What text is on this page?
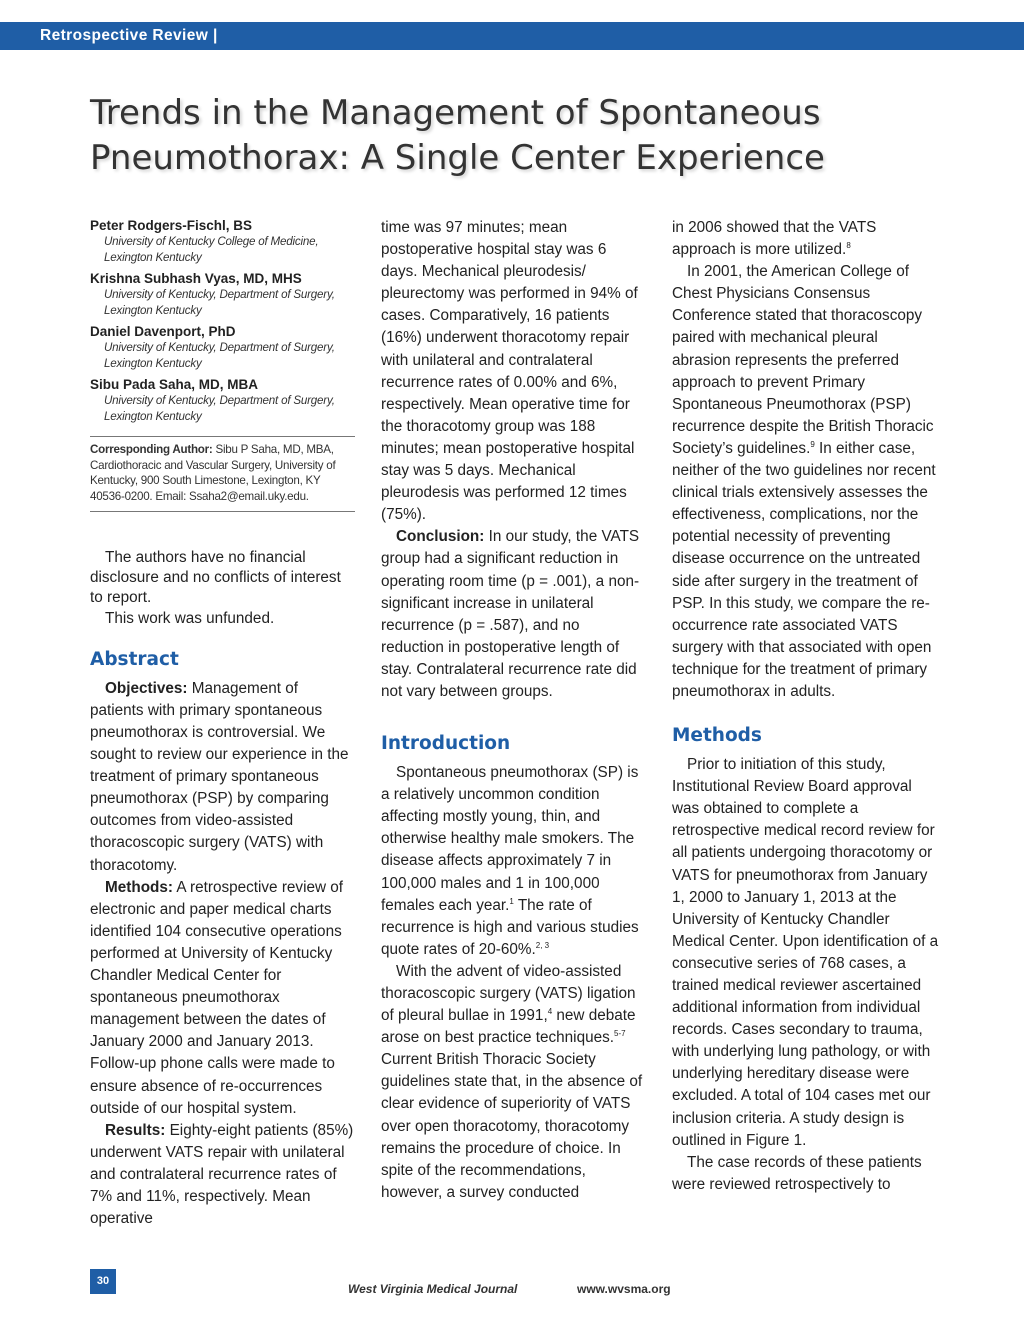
Retrospective Review |
Trends in the Management of Spontaneous Pneumothorax: A Single Center Experience
Peter Rodgers-Fischl, BS
University of Kentucky College of Medicine,
Lexington Kentucky
Krishna Subhash Vyas, MD, MHS
University of Kentucky, Department of Surgery,
Lexington Kentucky
Daniel Davenport, PhD
University of Kentucky, Department of Surgery,
Lexington Kentucky
Sibu Pada Saha, MD, MBA
University of Kentucky, Department of Surgery,
Lexington Kentucky
Corresponding Author: Sibu P Saha, MD, MBA, Cardiothoracic and Vascular Surgery, University of Kentucky, 900 South Limestone, Lexington, KY 40536-0200. Email: Ssaha2@email.uky.edu.

The authors have no financial disclosure and no conflicts of interest to report.

This work was unfunded.

Abstract

Objectives: Management of patients with primary spontaneous pneumothorax is controversial. We sought to review our experience in the treatment of primary spontaneous pneumothorax (PSP) by comparing outcomes from video-assisted thoracoscopic surgery (VATS) with thoracotomy.

Methods: A retrospective review of electronic and paper medical charts identified 104 consecutive operations performed at University of Kentucky Chandler Medical Center for spontaneous pneumothorax management between the dates of January 2000 and January 2013. Follow-up phone calls were made to ensure absence of re-occurrences outside of our hospital system.

Results: Eighty-eight patients (85%) underwent VATS repair with unilateral and contralateral recurrence rates of 7% and 11%, respectively. Mean operative

time was 97 minutes; mean postoperative hospital stay was 6 days. Mechanical pleurodesis/ pleurectomy was performed in 94% of cases. Comparatively, 16 patients (16%) underwent thoracotomy repair with unilateral and contralateral recurrence rates of 0.00% and 6%, respectively. Mean operative time for the thoracotomy group was 188 minutes; mean postoperative hospital stay was 5 days. Mechanical pleurodesis was performed 12 times (75%).

Conclusion: In our study, the VATS group had a significant reduction in operating room time (p = .001), a non-significant increase in unilateral recurrence (p = .587), and no reduction in postoperative length of stay. Contralateral recurrence rate did not vary between groups.

Introduction

Spontaneous pneumothorax (SP) is a relatively uncommon condition affecting mostly young, thin, and otherwise healthy male smokers. The disease affects approximately 7 in 100,000 males and 1 in 100,000 females each year.$^1$ The rate of recurrence is high and various studies quote rates of 20-60%.$^{2, 3}$

With the advent of video-assisted thoracoscopic surgery (VATS) ligation of pleural bullae in 1991,$^4$ new debate arose on best practice techniques.$^{5-7}$ Current British Thoracic Society guidelines state that, in the absence of clear evidence of superiority of VATS over open thoracotomy, thoracotomy remains the procedure of choice. In spite of the recommendations, however, a survey conducted

in 2006 showed that the VATS approach is more utilized.$^8$

In 2001, the American College of Chest Physicians Consensus Conference stated that thoracoscopy paired with mechanical pleural abrasion represents the preferred approach to prevent Primary Spontaneous Pneumothorax (PSP) recurrence despite the British Thoracic Society’s guidelines.$^9$ In either case, neither of the two guidelines nor recent clinical trials extensively assesses the effectiveness, complications, nor the potential necessity of preventing disease occurrence on the untreated side after surgery in the treatment of PSP. In this study, we compare the re-occurrence rate associated VATS surgery with that associated with open technique for the treatment of primary pneumothorax in adults.

Methods

Prior to initiation of this study, Institutional Review Board approval was obtained to complete a retrospective medical record review for all patients undergoing thoracotomy or VATS for pneumothorax from January 1, 2000 to January 1, 2013 at the University of Kentucky Chandler Medical Center. Upon identification of a consecutive series of 768 cases, a trained medical reviewer ascertained additional information from individual records. Cases secondary to trauma, with underlying lung pathology, or with underlying hereditary disease were excluded. A total of 104 cases met our inclusion criteria. A study design is outlined in Figure 1.

The case records of these patients were reviewed retrospectively to

30
West Virginia Medical Journal	www.wvsma.org
